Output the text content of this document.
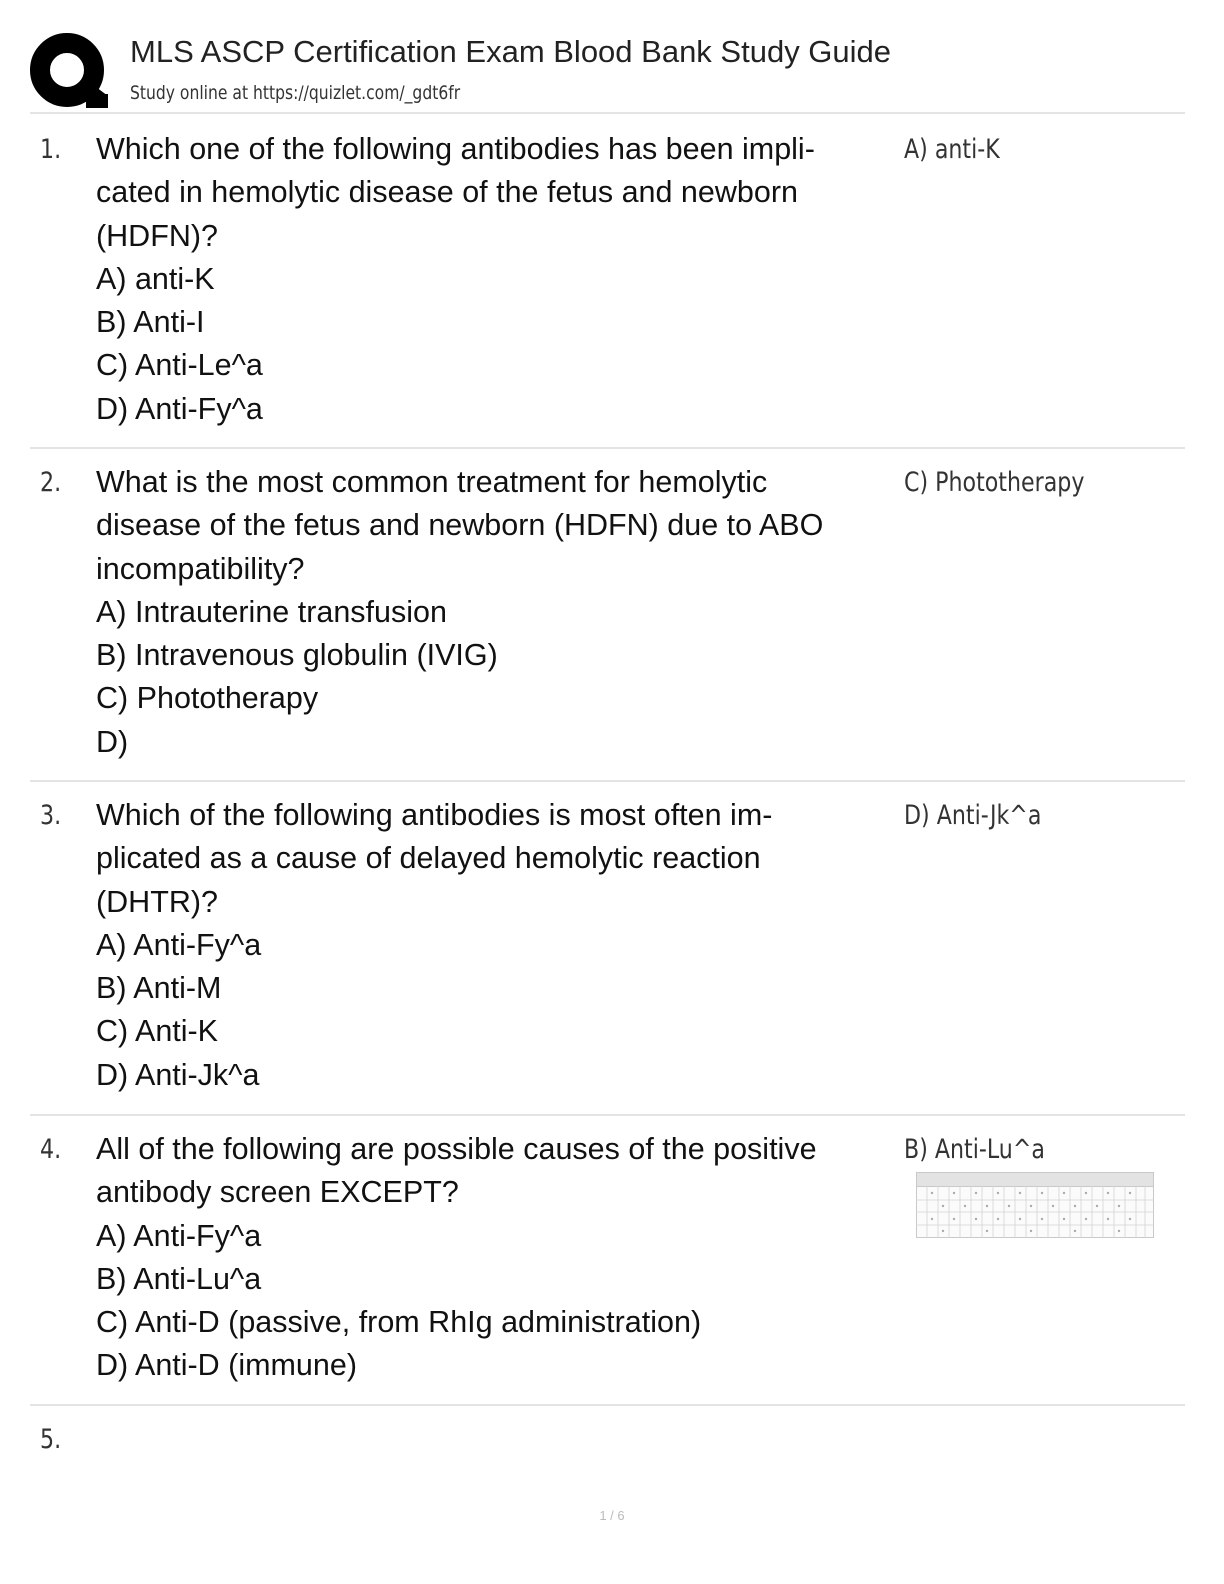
MLS ASCP Certification Exam Blood Bank Study Guide
Study online at https://quizlet.com/_gdt6fr
1. Which one of the following antibodies has been impli-
cated in hemolytic disease of the fetus and newborn
(HDFN)?
A) anti-K
B) Anti-I
C) Anti-Le^a
D) Anti-Fy^a
A) anti-K
2. What is the most common treatment for hemolytic
disease of the fetus and newborn (HDFN) due to ABO
incompatibility?
A) Intrauterine transfusion
B) Intravenous globulin (IVIG)
C) Phototherapy
D)
C) Phototherapy
3. Which of the following antibodies is most often im-
plicated as a cause of delayed hemolytic reaction
(DHTR)?
A) Anti-Fy^a
B) Anti-M
C) Anti-K
D) Anti-Jk^a
D) Anti-Jk^a
4. All of the following are possible causes of the positive
antibody screen EXCEPT?
A) Anti-Fy^a
B) Anti-Lu^a
C) Anti-D (passive, from RhIg administration)
D) Anti-D (immune)
B) Anti-Lu^a
5.
1 / 6
